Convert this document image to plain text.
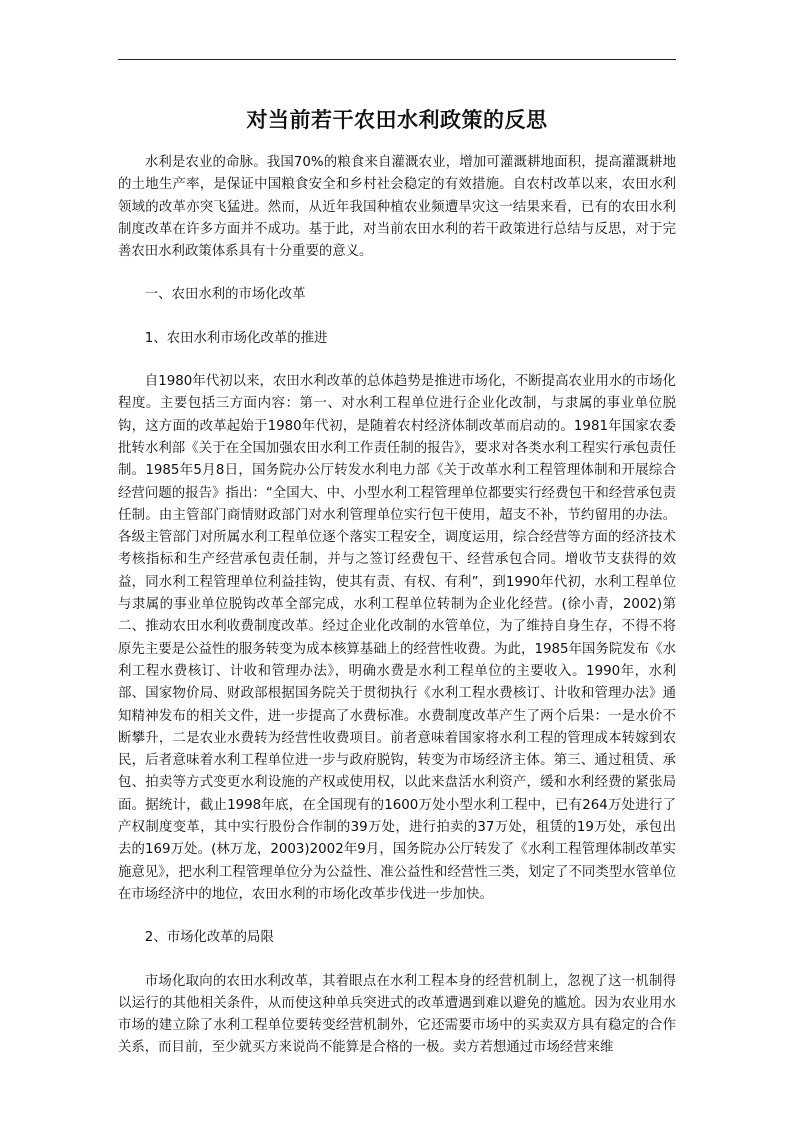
对当前若干农田水利政策的反思

水利是农业的命脉。我国70%的粮食来自灌溉农业，增加可灌溉耕地面积，提高灌溉耕地的土地生产率，是保证中国粮食安全和乡村社会稳定的有效措施。自农村改革以来，农田水利领域的改革亦突飞猛进。然而，从近年我国种植农业频遭旱灾这一结果来看，已有的农田水利制度改革在许多方面并不成功。基于此，对当前农田水利的若干政策进行总结与反思，对于完善农田水利政策体系具有十分重要的意义。

一、农田水利的市场化改革

1、农田水利市场化改革的推进

自1980年代初以来，农田水利改革的总体趋势是推进市场化，不断提高农业用水的市场化程度。主要包括三方面内容：第一、对水利工程单位进行企业化改制，与隶属的事业单位脱钩，这方面的改革起始于1980年代初，是随着农村经济体制改革而启动的。1981年国家农委批转水利部《关于在全国加强农田水利工作责任制的报告》，要求对各类水利工程实行承包责任制。1985年5月8日，国务院办公厅转发水利电力部《关于改革水利工程管理体制和开展综合经营问题的报告》指出：“全国大、中、小型水利工程管理单位都要实行经费包干和经营承包责任制。由主管部门商情财政部门对水利管理单位实行包干使用，超支不补，节约留用的办法。各级主管部门对所属水利工程单位逐个落实工程安全，调度运用，综合经营等方面的经济技术考核指标和生产经营承包责任制，并与之签订经费包干、经营承包合同。增收节支获得的效益，同水利工程管理单位利益挂钩，使其有责、有权、有利”，到1990年代初，水利工程单位与隶属的事业单位脱钩改革全部完成，水利工程单位转制为企业化经营。(徐小青，2002)第二、推动农田水利收费制度改革。经过企业化改制的水管单位，为了维持自身生存，不得不将原先主要是公益性的服务转变为成本核算基础上的经营性收费。为此，1985年国务院发布《水利工程水费核订、计收和管理办法》，明确水费是水利工程单位的主要收入。1990年，水利部、国家物价局、财政部根据国务院关于贯彻执行《水利工程水费核订、计收和管理办法》通知精神发布的相关文件，进一步提高了水费标准。水费制度改革产生了两个后果：一是水价不断攀升，二是农业水费转为经营性收费项目。前者意味着国家将水利工程的管理成本转嫁到农民，后者意味着水利工程单位进一步与政府脱钩，转变为市场经济主体。第三、通过租赁、承包、拍卖等方式变更水利设施的产权或使用权，以此来盘活水利资产，缓和水利经费的紧张局面。据统计，截止1998年底，在全国现有的1600万处小型水利工程中，已有264万处进行了产权制度变革，其中实行股份合作制的39万处，进行拍卖的37万处，租赁的19万处，承包出去的169万处。(林万龙，2003)2002年9月，国务院办公厅转发了《水利工程管理体制改革实施意见》，把水利工程管理单位分为公益性、准公益性和经营性三类，划定了不同类型水管单位在市场经济中的地位，农田水利的市场化改革步伐进一步加快。

2、市场化改革的局限

市场化取向的农田水利改革，其着眼点在水利工程本身的经营机制上，忽视了这一机制得以运行的其他相关条件，从而使这种单兵突进式的改革遭遇到难以避免的尴尬。因为农业用水市场的建立除了水利工程单位要转变经营机制外，它还需要市场中的买卖双方具有稳定的合作关系，而目前，至少就买方来说尚不能算是合格的一极。卖方若想通过市场经营来维
